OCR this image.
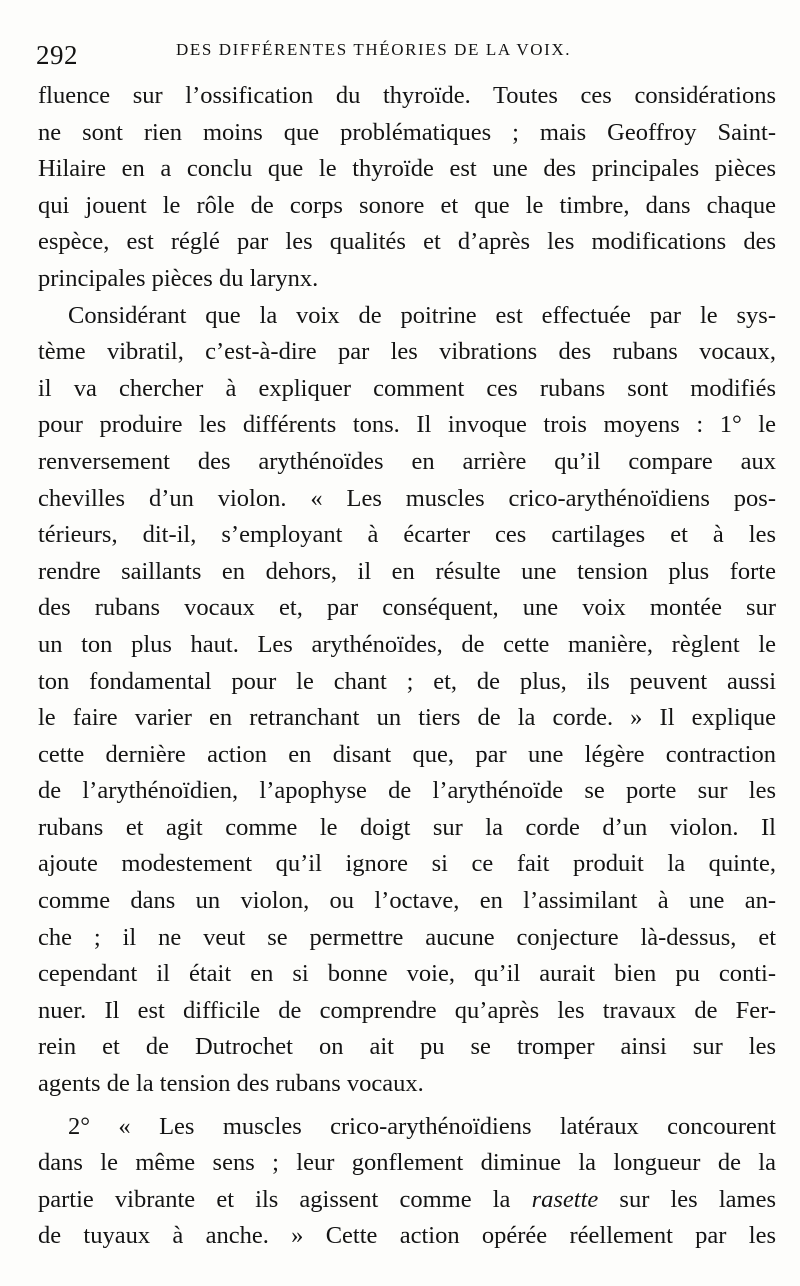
292	DES DIFFÉRENTES THÉORIES DE LA VOIX.
fluence sur l’ossification du thyroïde. Toutes ces considérations
ne sont rien moins que problématiques ; mais Geoffroy Saint-
Hilaire en a conclu que le thyroïde est une des principales pièces
qui jouent le rôle de corps sonore et que le timbre, dans chaque
espèce, est réglé par les qualités et d’après les modifications des
principales pièces du larynx.
Considérant que la voix de poitrine est effectuée par le sys-
tème vibratil, c’est-à-dire par les vibrations des rubans vocaux,
il va chercher à expliquer comment ces rubans sont modifiés
pour produire les différents tons. Il invoque trois moyens : 1° le
renversement des arythénoïdes en arrière qu’il compare aux
chevilles d’un violon. « Les muscles crico-arythénoïdiens pos-
térieurs, dit-il, s’employant à écarter ces cartilages et à les
rendre saillants en dehors, il en résulte une tension plus forte
des rubans vocaux et, par conséquent, une voix montée sur
un ton plus haut. Les arythénoïdes, de cette manière, règlent le
ton fondamental pour le chant ; et, de plus, ils peuvent aussi
le faire varier en retranchant un tiers de la corde. » Il explique
cette dernière action en disant que, par une légère contraction
de l’arythénoïdien, l’apophyse de l’arythénoïde se porte sur les
rubans et agit comme le doigt sur la corde d’un violon. Il
ajoute modestement qu’il ignore si ce fait produit la quinte,
comme dans un violon, ou l’octave, en l’assimilant à une an-
che ; il ne veut se permettre aucune conjecture là-dessus, et
cependant il était en si bonne voie, qu’il aurait bien pu conti-
nuer. Il est difficile de comprendre qu’après les travaux de Fer-
rein et de Dutrochet on ait pu se tromper ainsi sur les
agents de la tension des rubans vocaux.
2° « Les muscles crico-arythénoïdiens latéraux concourent
dans le même sens ; leur gonflement diminue la longueur de la
partie vibrante et ils agissent comme la rasette sur les lames
de tuyaux à anche. » Cette action opérée réellement par les
